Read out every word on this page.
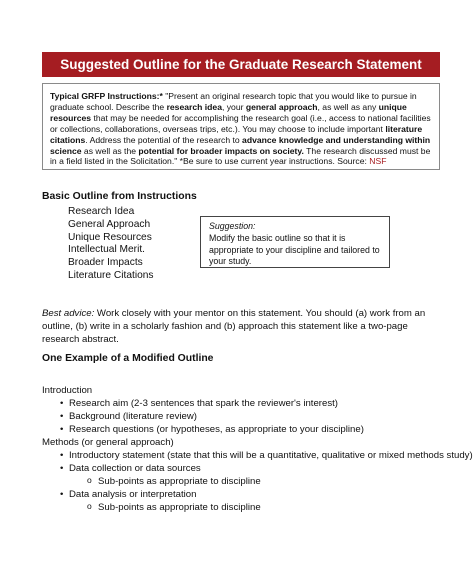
Suggested Outline for the Graduate Research Statement
Typical GRFP Instructions:* "Present an original research topic that you would like to pursue in graduate school. Describe the research idea, your general approach, as well as any unique resources that may be needed for accomplishing the research goal (i.e., access to national facilities or collections, collaborations, overseas trips, etc.). You may choose to include important literature citations. Address the potential of the research to advance knowledge and understanding within science as well as the potential for broader impacts on society. The research discussed must be in a field listed in the Solicitation." *Be sure to use current year instructions. Source: NSF
Basic Outline from Instructions
Research Idea
General Approach
Unique Resources
Intellectual Merit.
Broader Impacts
Literature Citations
Suggestion:
Modify the basic outline so that it is appropriate to your discipline and tailored to your study.
Best advice: Work closely with your mentor on this statement. You should (a) work from an outline, (b) write in a scholarly fashion and (b) approach this statement like a two-page research abstract.
One Example of a Modified Outline
Introduction
• Research aim (2-3 sentences that spark the reviewer's interest)
• Background (literature review)
• Research questions (or hypotheses, as appropriate to your discipline)
Methods (or general approach)
• Introductory statement (state that this will be a quantitative, qualitative or mixed methods study)
• Data collection or data sources
o Sub-points as appropriate to discipline
• Data analysis or interpretation
o Sub-points as appropriate to discipline
